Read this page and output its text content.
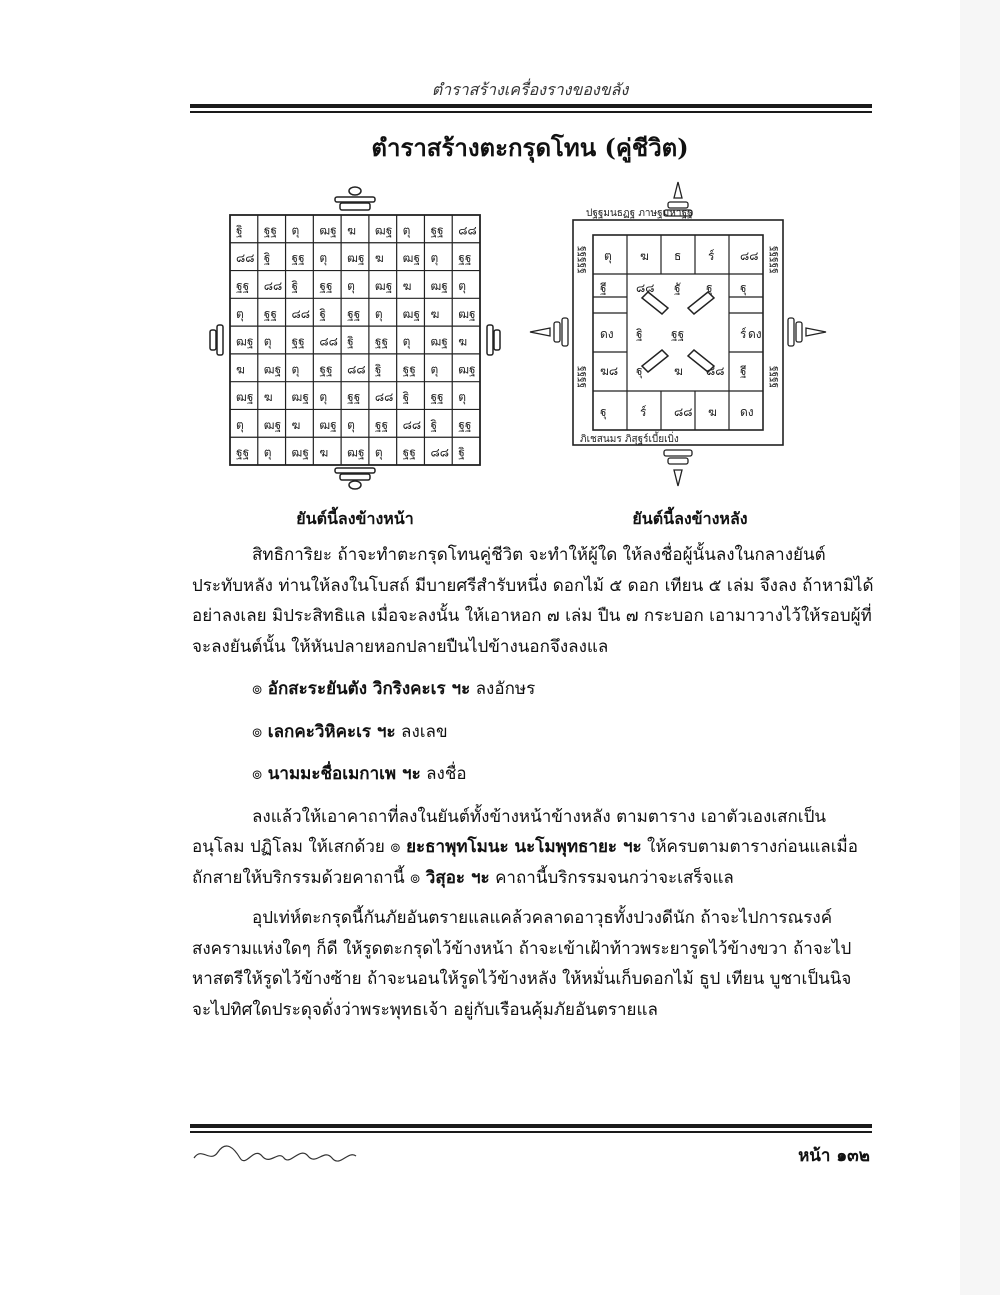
ตำราสร้างเครื่องรางของขลัง
ตำราสร้างตะกรุดโทน (คู่ชีวิต)
ฐิ ฐฐ ตุ ฒฐ ฆ ฒฐ ตุ ฐฐ ๘๘
๘๘ ฐิ ฐฐ ตุ ฒฐ ฆ ฒฐ ตุ ฐฐ
ฐฐ ๘๘ ฐิ ฐฐ ตุ ฒฐ ฆ ฒฐ ตุ
ตุ ฐฐ ๘๘ ฐิ ฐฐ ตุ ฒฐ ฆ ฒฐ
ฒฐ ตุ ฐฐ ๘๘ ฐิ ฐฐ ตุ ฒฐ ฆ
ฆ ฒฐ ตุ ฐฐ ๘๘ ฐิ ฐฐ ตุ ฒฐ
ฒฐ ฆ ฒฐ ตุ ฐฐ ๘๘ ฐิ ฐฐ ตุ
ตุ ฒฐ ฆ ฒฐ ตุ ฐฐ ๘๘ ฐิ ฐฐ
ฐฐ ตุ ฒฐ ฆ ฒฐ ตุ ฐฐ ๘๘ ฐิ
ตุ ฆ ธ ร์ ๘๘
ฐี ๘๘ ฐั ฐุ ฐุ
ดง ฐิ ฐฐ	ร์ ดง
ฆ๘ ฐุ	ฆ ๘๘ ฐี
ฐุ	ร์ ๘๘ ฆ ดง
ปฐฐมนธฏฐ ภาษฐมหาฐฐ
ภิเชสนมร ภิสุฐร์เบี้ยเบิ่ง
ฐฐฐฐฐ
ฐฐฐฐ
ฐฐฐฐฐ
ฐฐฐฐ
ยันต์นี้ลงข้างหน้า	ยันต์นี้ลงข้างหลัง

สิทธิการิยะ ถ้าจะทำตะกรุดโทนคู่ชีวิต จะทำให้ผู้ใด ให้ลงชื่อผู้นั้นลงในกลางยันต์ประทับหลัง ท่านให้ลงในโบสถ์ มีบายศรีสำรับหนึ่ง ดอกไม้ ๕ ดอก เทียน ๕ เล่ม จึงลง ถ้าหามิได้อย่าลงเลย มิประสิทธิแล เมื่อจะลงนั้น ให้เอาหอก ๗ เล่ม ปืน ๗ กระบอก เอามาวางไว้ให้รอบผู้ที่จะลงยันต์นั้น ให้หันปลายหอกปลายปืนไปข้างนอกจึงลงแล

๏ อักสะระยันตัง วิกริงคะเร ฯะ ลงอักษร
๏ เลกคะวิหิคะเร ฯะ ลงเลข
๏ นามมะชื่อเมกาเพ ฯะ ลงชื่อ

ลงแล้วให้เอาคาถาที่ลงในยันต์ทั้งข้างหน้าข้างหลัง ตามตาราง เอาตัวเองเสกเป็นอนุโลม ปฏิโลม ให้เสกด้วย ๏ ยะธาพุทโมนะ นะโมพุทธายะ ฯะ ให้ครบตามตารางก่อนแลเมื่อถักสายให้บริกรรมด้วยคาถานี้ ๏ วิสุอะ ฯะ คาถานี้บริกรรมจนกว่าจะเสร็จแล

อุปเท่ห์ตะกรุดนี้กันภัยอันตรายแลแคล้วคลาดอาวุธทั้งปวงดีนัก ถ้าจะไปการณรงค์สงครามแห่งใดๆ ก็ดี ให้รูดตะกรุดไว้ข้างหน้า ถ้าจะเข้าเฝ้าท้าวพระยารูดไว้ข้างขวา ถ้าจะไปหาสตรีให้รูดไว้ข้างซ้าย ถ้าจะนอนให้รูดไว้ข้างหลัง ให้หมั่นเก็บดอกไม้ ธูป เทียน บูชาเป็นนิจ จะไปทิศใดประดุจดั่งว่าพระพุทธเจ้า อยู่กับเรือนคุ้มภัยอันตรายแล

หน้า ๑๓๒
